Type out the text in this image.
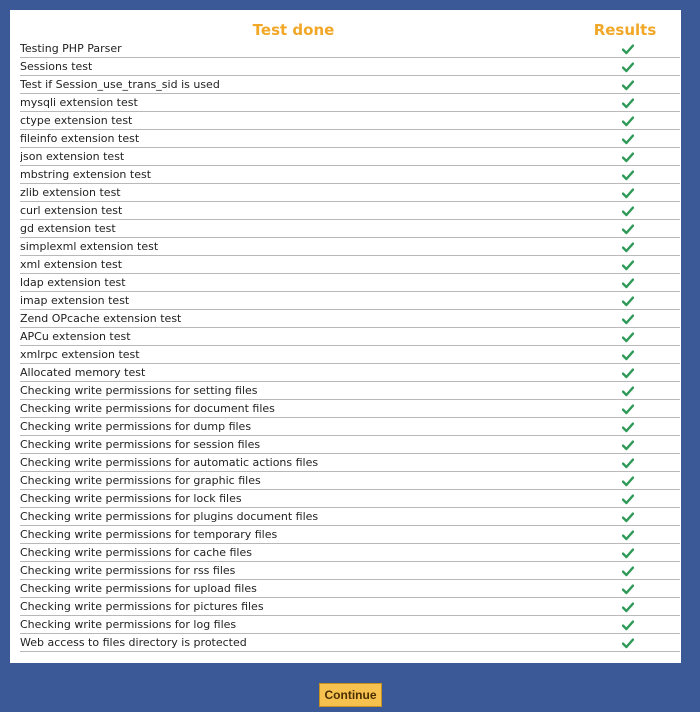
Test done	Results
Testing PHP Parser
Sessions test
Test if Session_use_trans_sid is used
mysqli extension test
ctype extension test
fileinfo extension test
json extension test
mbstring extension test
zlib extension test
curl extension test
gd extension test
simplexml extension test
xml extension test
ldap extension test
imap extension test
Zend OPcache extension test
APCu extension test
xmlrpc extension test
Allocated memory test
Checking write permissions for setting files
Checking write permissions for document files
Checking write permissions for dump files
Checking write permissions for session files
Checking write permissions for automatic actions files
Checking write permissions for graphic files
Checking write permissions for lock files
Checking write permissions for plugins document files
Checking write permissions for temporary files
Checking write permissions for cache files
Checking write permissions for rss files
Checking write permissions for upload files
Checking write permissions for pictures files
Checking write permissions for log files
Web access to files directory is protected
Continue
